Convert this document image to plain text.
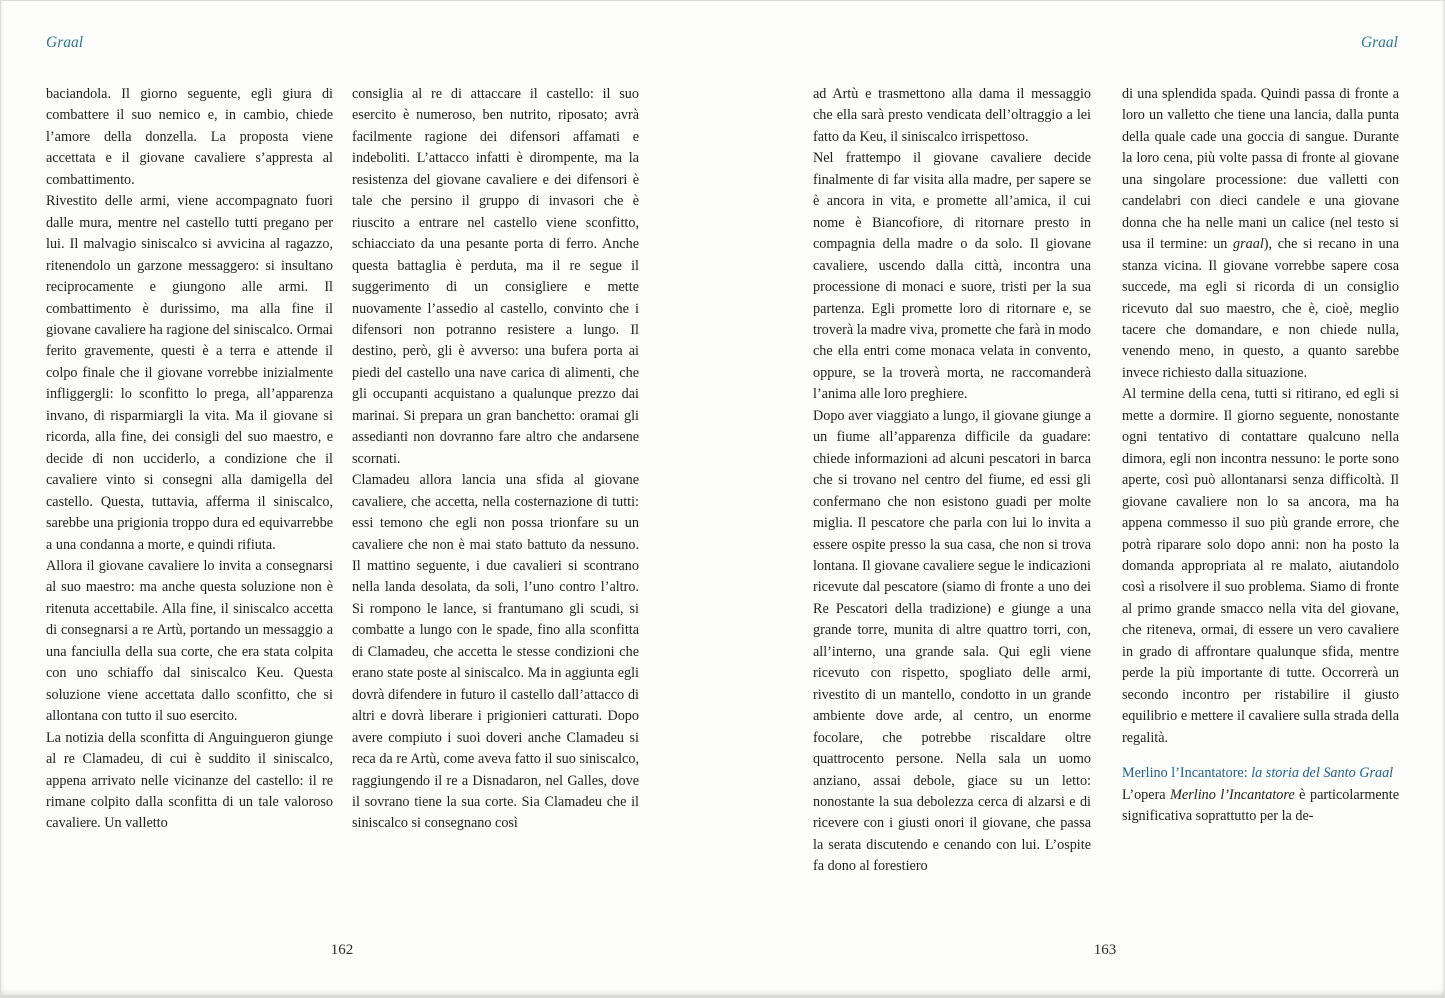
Graal

baciandola. Il giorno seguente, egli giura di combattere il suo nemico e, in cambio, chiede l’amore della donzella. La proposta viene accettata e il giovane cavaliere s’appresta al combattimento.

Rivestito delle armi, viene accompagnato fuori dalle mura, mentre nel castello tutti pregano per lui. Il malvagio siniscalco si avvicina al ragazzo, ritenendolo un garzone messaggero: si insultano reciprocamente e giungono alle armi. Il combattimento è durissimo, ma alla fine il giovane cavaliere ha ragione del siniscalco. Ormai ferito gravemente, questi è a terra e attende il colpo finale che il giovane vorrebbe inizialmente infliggergli: lo sconfitto lo prega, all’apparenza invano, di risparmiargli la vita. Ma il giovane si ricorda, alla fine, dei consigli del suo maestro, e decide di non ucciderlo, a condizione che il cavaliere vinto si consegni alla damigella del castello. Questa, tuttavia, afferma il siniscalco, sarebbe una prigionia troppo dura ed equivarrebbe a una condanna a morte, e quindi rifiuta.

Allora il giovane cavaliere lo invita a consegnarsi al suo maestro: ma anche questa soluzione non è ritenuta accettabile. Alla fine, il siniscalco accetta di consegnarsi a re Artù, portando un messaggio a una fanciulla della sua corte, che era stata colpita con uno schiaffo dal siniscalco Keu. Questa soluzione viene accettata dallo sconfitto, che si allontana con tutto il suo esercito.

La notizia della sconfitta di Anguingueron giunge al re Clamadeu, di cui è suddito il siniscalco, appena arrivato nelle vicinanze del castello: il re rimane colpito dalla sconfitta di un tale valoroso cavaliere. Un valletto

consiglia al re di attaccare il castello: il suo esercito è numeroso, ben nutrito, riposato; avrà facilmente ragione dei difensori affamati e indeboliti. L’attacco infatti è dirompente, ma la resistenza del giovane cavaliere e dei difensori è tale che persino il gruppo di invasori che è riuscito a entrare nel castello viene sconfitto, schiacciato da una pesante porta di ferro. Anche questa battaglia è perduta, ma il re segue il suggerimento di un consigliere e mette nuovamente l’assedio al castello, convinto che i difensori non potranno resistere a lungo. Il destino, però, gli è avverso: una bufera porta ai piedi del castello una nave carica di alimenti, che gli occupanti acquistano a qualunque prezzo dai marinai. Si prepara un gran banchetto: oramai gli assedianti non dovranno fare altro che andarsene scornati.

Clamadeu allora lancia una sfida al giovane cavaliere, che accetta, nella costernazione di tutti: essi temono che egli non possa trionfare su un cavaliere che non è mai stato battuto da nessuno. Il mattino seguente, i due cavalieri si scontrano nella landa desolata, da soli, l’uno contro l’altro. Si rompono le lance, si frantumano gli scudi, si combatte a lungo con le spade, fino alla sconfitta di Clamadeu, che accetta le stesse condizioni che erano state poste al siniscalco. Ma in aggiunta egli dovrà difendere in futuro il castello dall’attacco di altri e dovrà liberare i prigionieri catturati. Dopo avere compiuto i suoi doveri anche Clamadeu si reca da re Artù, come aveva fatto il suo siniscalco, raggiungendo il re a Disnadaron, nel Galles, dove il sovrano tiene la sua corte. Sia Clamadeu che il siniscalco si consegnano così

162
Graal

ad Artù e trasmettono alla dama il messaggio che ella sarà presto vendicata dell’oltraggio a lei fatto da Keu, il siniscalco irrispettoso.

Nel frattempo il giovane cavaliere decide finalmente di far visita alla madre, per sapere se è ancora in vita, e promette all’amica, il cui nome è Biancofiore, di ritornare presto in compagnia della madre o da solo. Il giovane cavaliere, uscendo dalla città, incontra una processione di monaci e suore, tristi per la sua partenza. Egli promette loro di ritornare e, se troverà la madre viva, promette che farà in modo che ella entri come monaca velata in convento, oppure, se la troverà morta, ne raccomanderà l’anima alle loro preghiere.

Dopo aver viaggiato a lungo, il giovane giunge a un fiume all’apparenza difficile da guadare: chiede informazioni ad alcuni pescatori in barca che si trovano nel centro del fiume, ed essi gli confermano che non esistono guadi per molte miglia. Il pescatore che parla con lui lo invita a essere ospite presso la sua casa, che non si trova lontana. Il giovane cavaliere segue le indicazioni ricevute dal pescatore (siamo di fronte a uno dei Re Pescatori della tradizione) e giunge a una grande torre, munita di altre quattro torri, con, all’interno, una grande sala. Qui egli viene ricevuto con rispetto, spogliato delle armi, rivestito di un mantello, condotto in un grande ambiente dove arde, al centro, un enorme focolare, che potrebbe riscaldare oltre quattrocento persone. Nella sala un uomo anziano, assai debole, giace su un letto: nonostante la sua debolezza cerca di alzarsi e di ricevere con i giusti onori il giovane, che passa la serata discutendo e cenando con lui. L’ospite fa dono al forestiero

di una splendida spada. Quindi passa di fronte a loro un valletto che tiene una lancia, dalla punta della quale cade una goccia di sangue. Durante la loro cena, più volte passa di fronte al giovane una singolare processione: due valletti con candelabri con dieci candele e una giovane donna che ha nelle mani un calice (nel testo si usa il termine: un graal), che si recano in una stanza vicina. Il giovane vorrebbe sapere cosa succede, ma egli si ricorda di un consiglio ricevuto dal suo maestro, che è, cioè, meglio tacere che domandare, e non chiede nulla, venendo meno, in questo, a quanto sarebbe invece richiesto dalla situazione.

Al termine della cena, tutti si ritirano, ed egli si mette a dormire. Il giorno seguente, nonostante ogni tentativo di contattare qualcuno nella dimora, egli non incontra nessuno: le porte sono aperte, così può allontanarsi senza difficoltà. Il giovane cavaliere non lo sa ancora, ma ha appena commesso il suo più grande errore, che potrà riparare solo dopo anni: non ha posto la domanda appropriata al re malato, aiutandolo così a risolvere il suo problema. Siamo di fronte al primo grande smacco nella vita del giovane, che riteneva, ormai, di essere un vero cavaliere in grado di affrontare qualunque sfida, mentre perde la più importante di tutte. Occorrerà un secondo incontro per ristabilire il giusto equilibrio e mettere il cavaliere sulla strada della regalità.

Merlino l’Incantatore: la storia del Santo Graal

L’opera Merlino l’Incantatore è particolarmente significativa soprattutto per la de-

163
